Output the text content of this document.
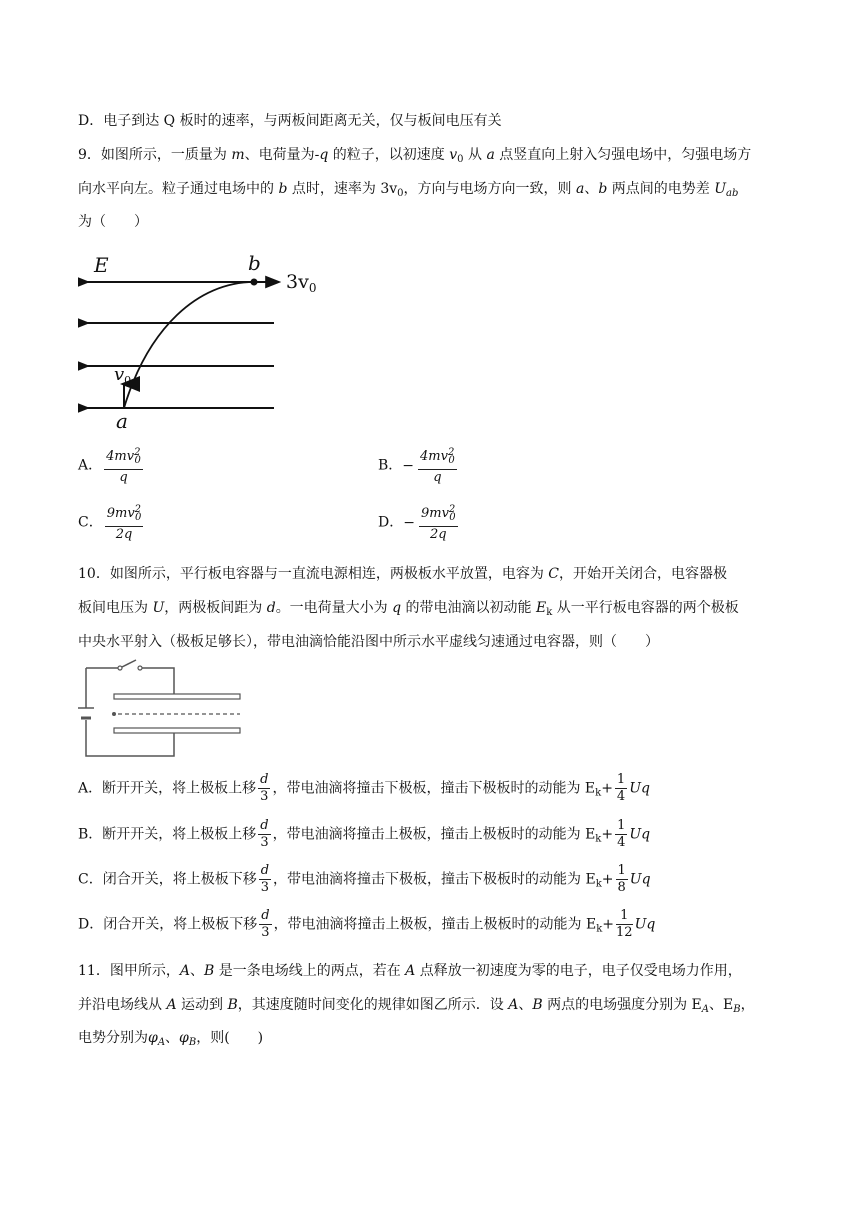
D．电子到达 Q 板时的速率，与两板间距离无关，仅与板间电压有关
9．如图所示，一质量为 m、电荷量为-q 的粒子，以初速度 $v_0$ 从 a 点竖直向上射入匀强电场中，匀强电场方
向水平向左。粒子通过电场中的 b 点时，速率为 $3v_0$，方向与电场方向一致，则 a、b 两点间的电势差 $U_{ab}$
为（　　）
E	b
$3v_0$
$v_0$
a
A． $\frac{4mv^2_0}{q}$	B．− $\frac{4mv^2_0}{q}$
C． $\frac{9mv^2_0}{2q}$	D．− $\frac{9mv^2_0}{2q}$
10．如图所示，平行板电容器与一直流电源相连，两极板水平放置，电容为 C，开始开关闭合，电容器极
板间电压为 U，两极板间距为 d。一电荷量大小为 q 的带电油滴以初动能 $E_k$ 从一平行板电容器的两个极板
中央水平射入（极板足够长），带电油滴恰能沿图中所示水平虚线匀速通过电容器，则（　　）
A．断开开关，将上极板上移 $\frac{d}{3}$ ，带电油滴将撞击下极板，撞击下极板时的动能为 $E_k+ \frac{1}{4}$ Uq
B．断开开关，将上极板上移 $\frac{d}{3}$ ，带电油滴将撞击上极板，撞击上极板时的动能为 $E_k+ \frac{1}{4}$ Uq
C．闭合开关，将上极板下移 $\frac{d}{3}$ ，带电油滴将撞击下极板，撞击下极板时的动能为 $E_k+ \frac{1}{8}$ Uq
D．闭合开关，将上极板下移 $\frac{d}{3}$ ，带电油滴将撞击上极板，撞击上极板时的动能为 $E_k+ \frac{1}{12}$ Uq
11．图甲所示，A、B 是一条电场线上的两点，若在 A 点释放一初速度为零的电子，电子仅受电场力作用，
并沿电场线从 A 运动到 B，其速度随时间变化的规律如图乙所示．设 A、B 两点的电场强度分别为 $E_A$、$E_B$，
电势分别为$\varphi_A$、$\varphi_B$，则(　　)
